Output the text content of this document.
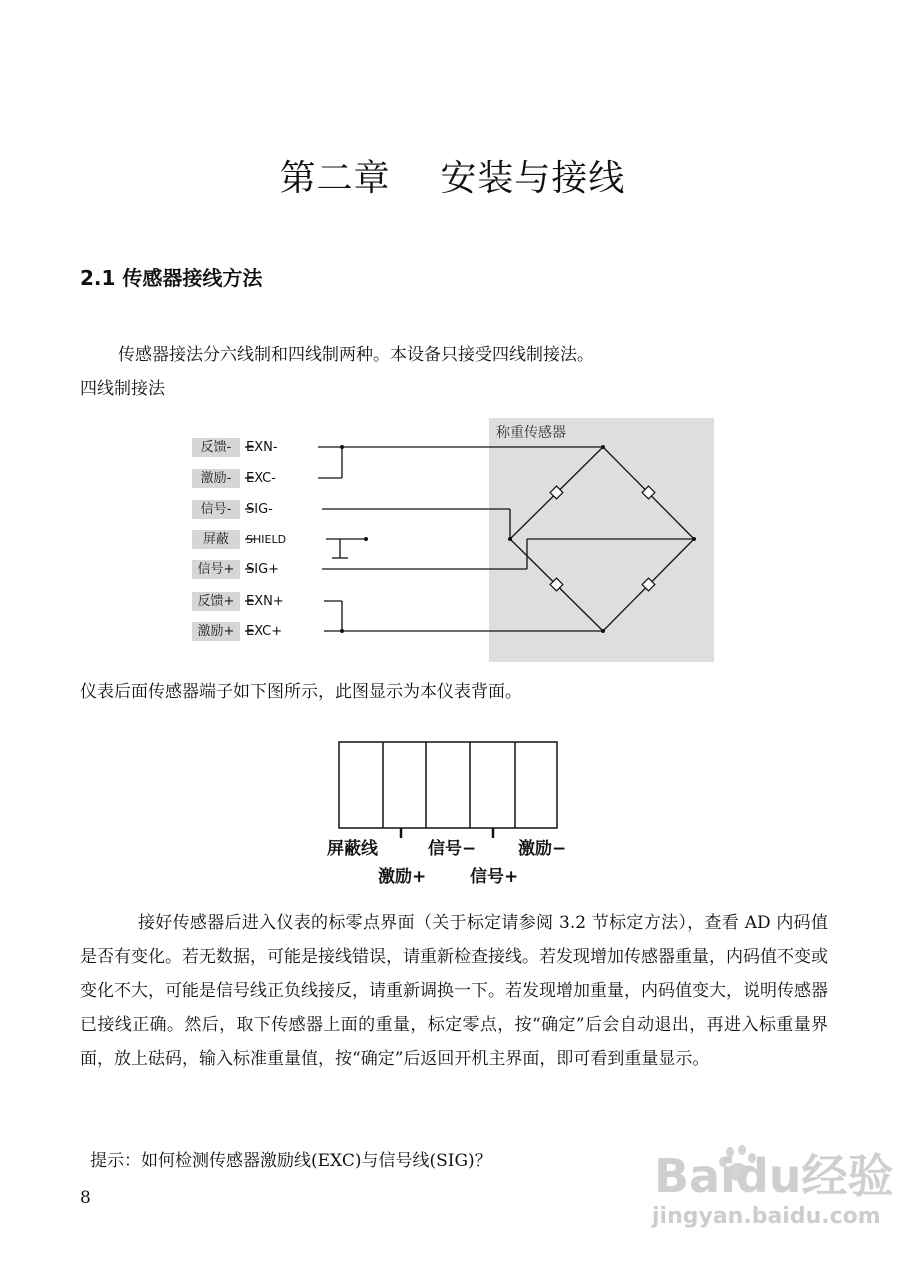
第二章    安装与接线
2.1 传感器接线方法
传感器接法分六线制和四线制两种。本设备只接受四线制接法。
四线制接法
称重传感器
反馈-	EXN-
激励-	EXC-
信号-	SIG-
屏蔽	SHIELD
信号+ SIG+
反馈+ EXN+
激励+ EXC+
仪表后面传感器端子如下图所示，此图显示为本仪表背面。
屏蔽线	信号− 激励−
激励+	信号+
接好传感器后进入仪表的标零点界面（关于标定请参阅 3.2 节标定方法），查看 AD 内码值是否有变化。若无数据，可能是接线错误，请重新检查接线。若发现增加传感器重量，内码值不变或变化不大，可能是信号线正负线接反，请重新调换一下。若发现增加重量，内码值变大，说明传感器已接线正确。然后，取下传感器上面的重量，标定零点，按“确定”后会自动退出，再进入标重量界面，放上砝码，输入标准重量值，按“确定”后返回开机主界面，即可看到重量显示。
提示：如何检测传感器激励线(EXC)与信号线(SIG)？
8	Baidu经验
jingyan.baidu.com
